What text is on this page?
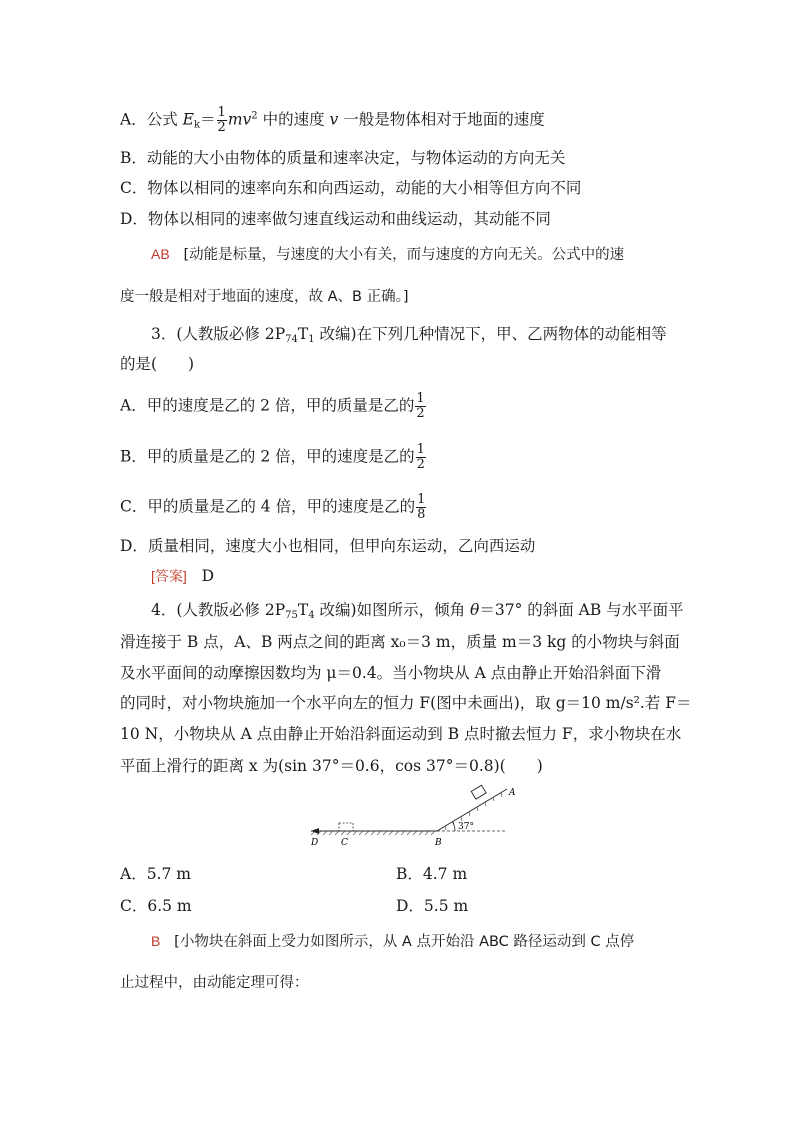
A．公式 $E_k= \frac{1}{2} mv^2$ 中的速度 v 一般是物体相对于地面的速度
B．动能的大小由物体的质量和速率决定，与物体运动的方向无关
C．物体以相同的速率向东和向西运动，动能的大小相等但方向不同
D．物体以相同的速率做匀速直线运动和曲线运动，其动能不同
AB [动能是标量，与速度的大小有关，而与速度的方向无关。公式中的速
度一般是相对于地面的速度，故 A、B 正确。]
3．(人教版必修 $2P_{74}T_1$ 改编)在下列几种情况下，甲、乙两物体的动能相等
的是(　　)
A．甲的速度是乙的 2 倍，甲的质量是乙的 $\frac{1}{2}$
B．甲的质量是乙的 2 倍，甲的速度是乙的 $\frac{1}{2}$
C．甲的质量是乙的 4 倍，甲的速度是乙的 $\frac{1}{8}$
D．质量相同，速度大小也相同，但甲向东运动，乙向西运动
[答案] D
4．(人教版必修 $2P_{75}T_4$ 改编)如图所示，倾角 θ＝37° 的斜面 AB 与水平面平
滑连接于 B 点，A、B 两点之间的距离 x₀＝3 m，质量 m＝3 kg 的小物块与斜面
及水平面间的动摩擦因数均为 μ＝0.4。当小物块从 A 点由静止开始沿斜面下滑
的同时，对小物块施加一个水平向左的恒力 F(图中未画出)，取 g＝10 m/s².若 F＝
10 N，小物块从 A 点由静止开始沿斜面运动到 B 点时撤去恒力 F，求小物块在水
平面上滑行的距离 x 为(sin 37°＝0.6，cos 37°＝0.8)(　　)
37°
A
B
C
D
A．5.7 m	B．4.7 m
C．6.5 m	D．5.5 m
B [小物块在斜面上受力如图所示，从 A 点开始沿 ABC 路径运动到 C 点停
止过程中，由动能定理可得：
